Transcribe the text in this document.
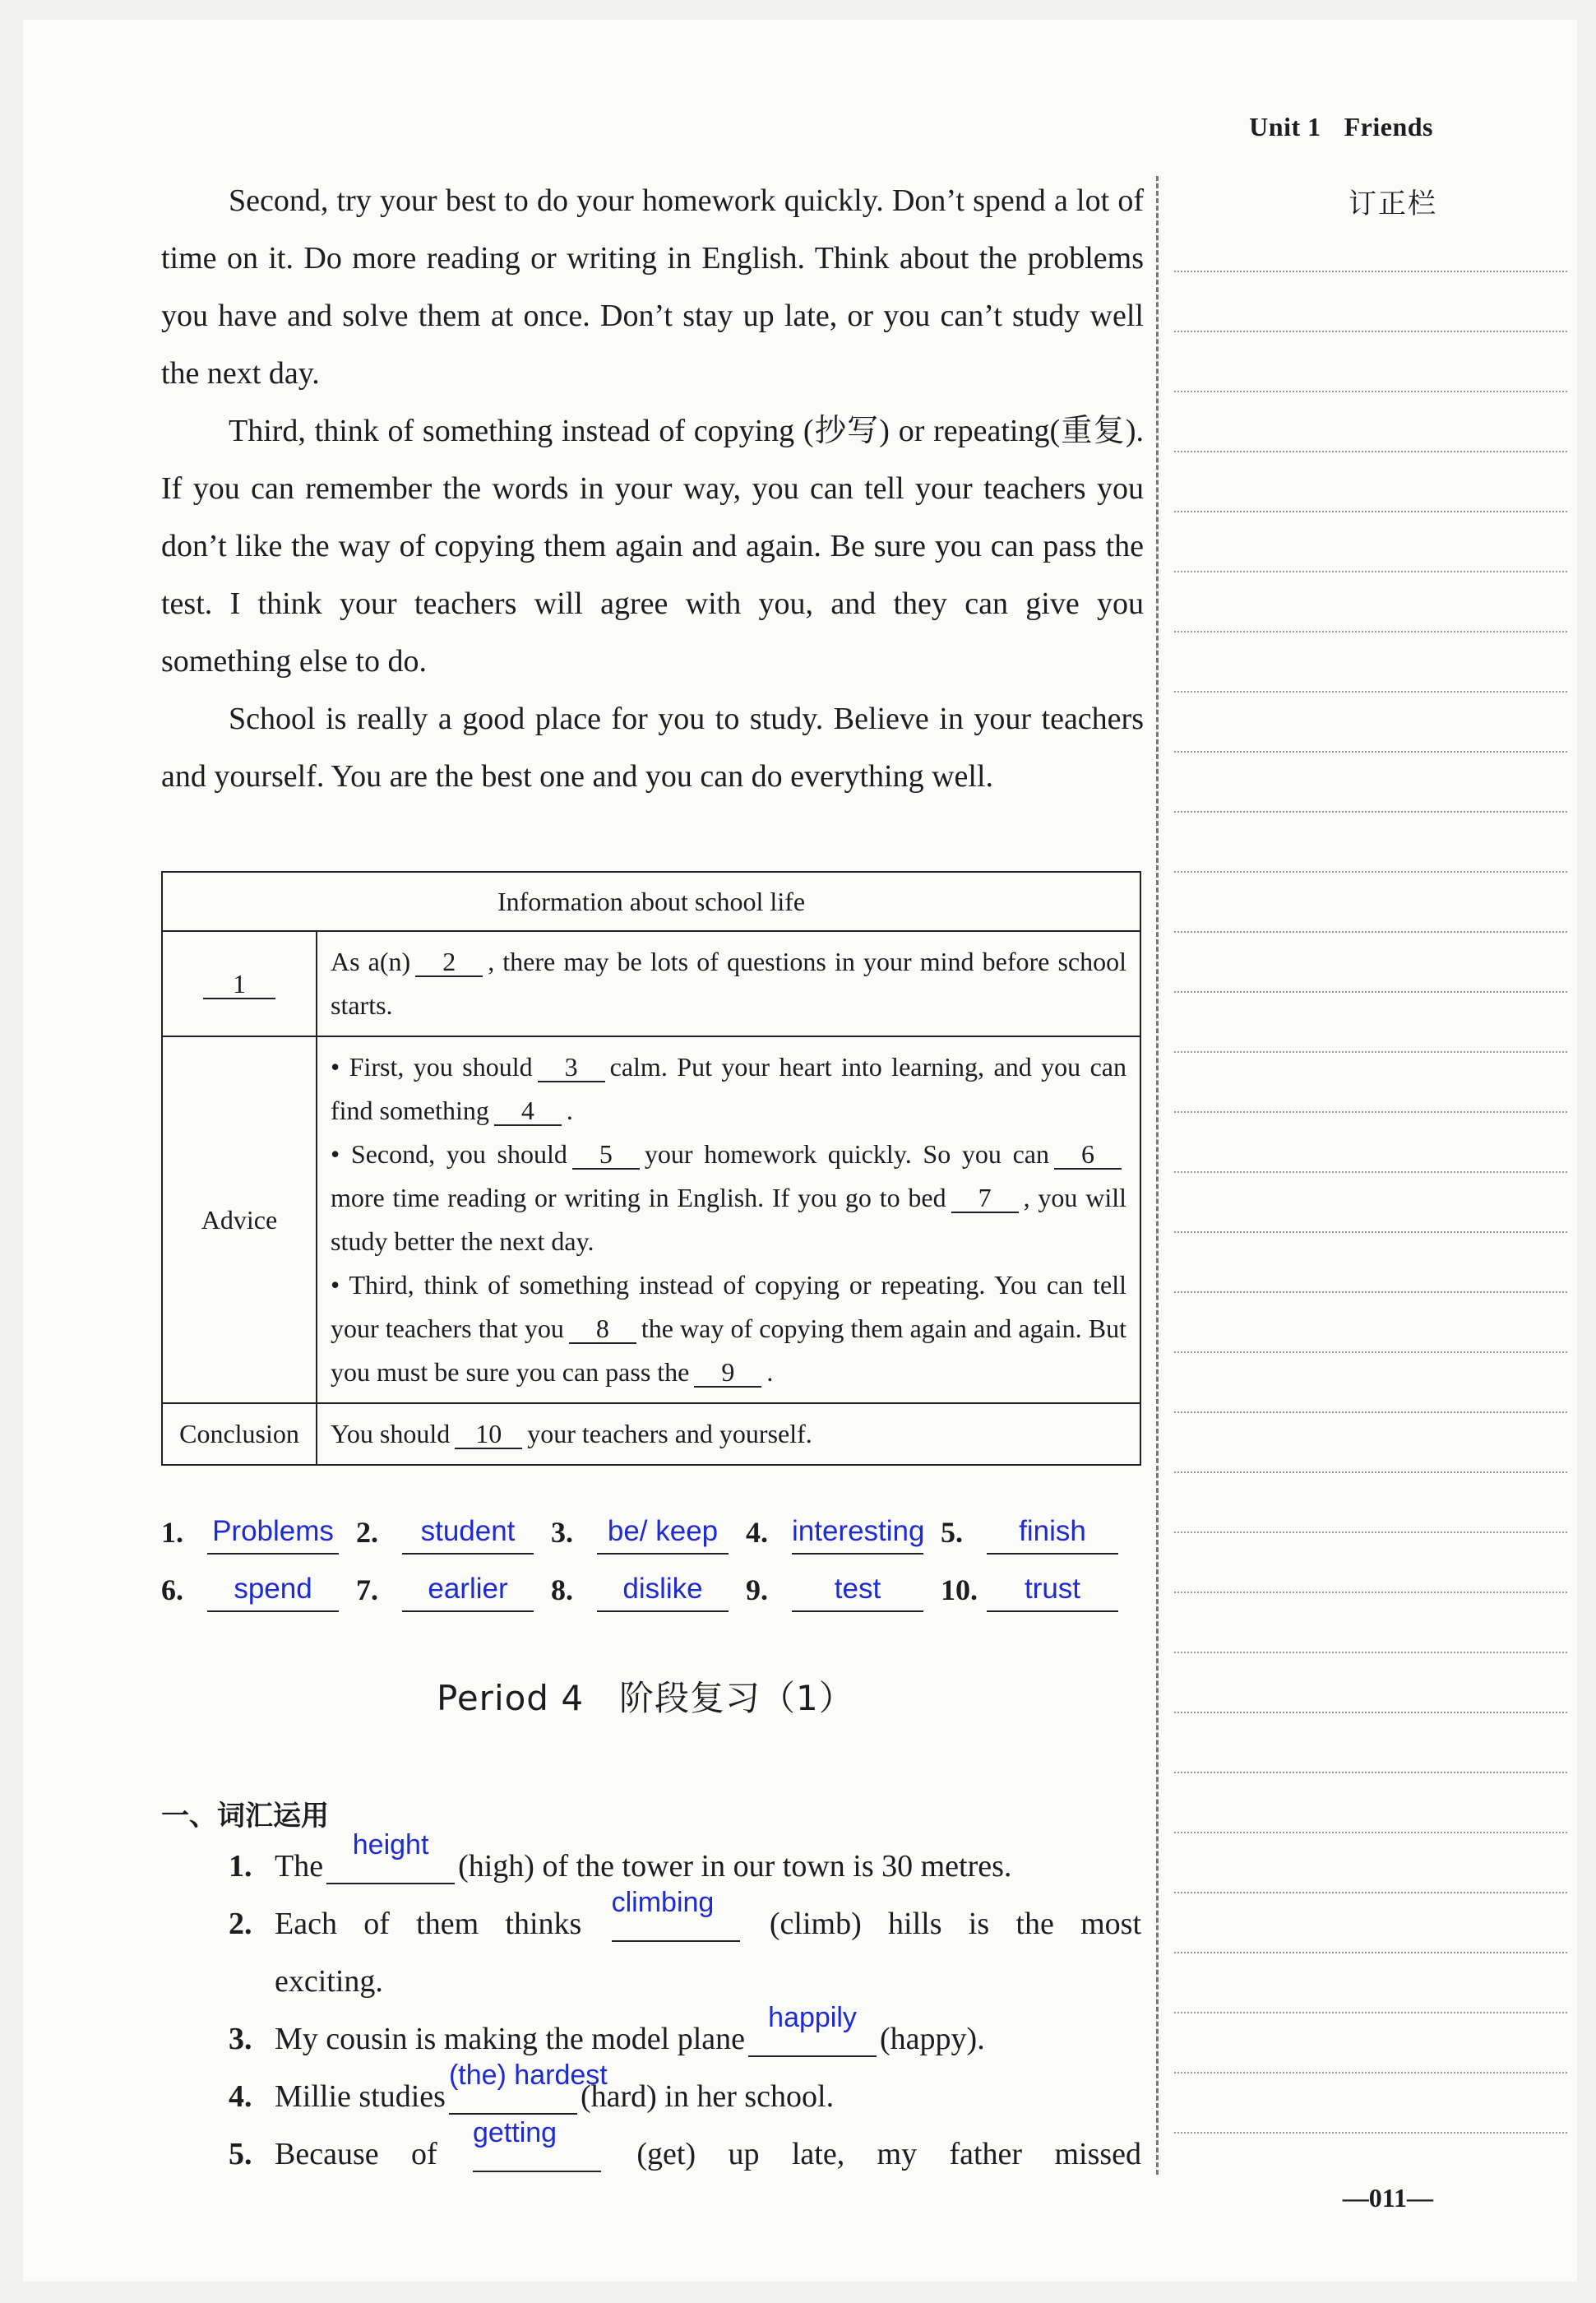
Unit 1 Friends
订正栏

Second, try your best to do your homework quickly. Don’t spend a lot of time on it. Do more reading or writing in English. Think about the problems you have and solve them at once. Don’t stay up late, or you can’t study well the next day.

Third, think of something instead of copying (抄写) or repeating(重复). If you can remember the words in your way, you can tell your teachers you don’t like the way of copying them again and again. Be sure you can pass the test. I think your teachers will agree with you, and they can give you something else to do.

School is really a good place for you to study. Believe in your teachers and yourself. You are the best one and you can do everything well.

Information about school life	
1	As a(n) 2 , there may be lots of questions in your mind before school starts.
Advice	• First, you should 3 calm. Put your heart into learning, and you can find something 4 .
• Second, you should 5 your homework quickly. So you can 6more time reading or writing in English. If you go to bed 7 , you will study better the next day.
• Third, think of something instead of copying or repeating. You can tell your teachers that you 8 the way of copying them again and again. But you must be sure you can pass the 9 .
Conclusion	You should 10 your teachers and yourself.
1.	Problems 2.	student	3.	be/ keep 4. interesting 5.	finish
6.	spend	7.	earlier	8.	dislike	9.	test	10.	trust
Period 4　阶段复习（1）
一、词汇运用
1. The
height
(high) of the tower in our town is 30 metres.
2. Each of them thinks
climbing
(climb) hills is the most
exciting.
3. My cousin is making the model plane
happily
(happy).
4. Millie studies
(the) hardest
(hard) in her school.
5. Because of
getting
(get) up late, my father missed
—011—
